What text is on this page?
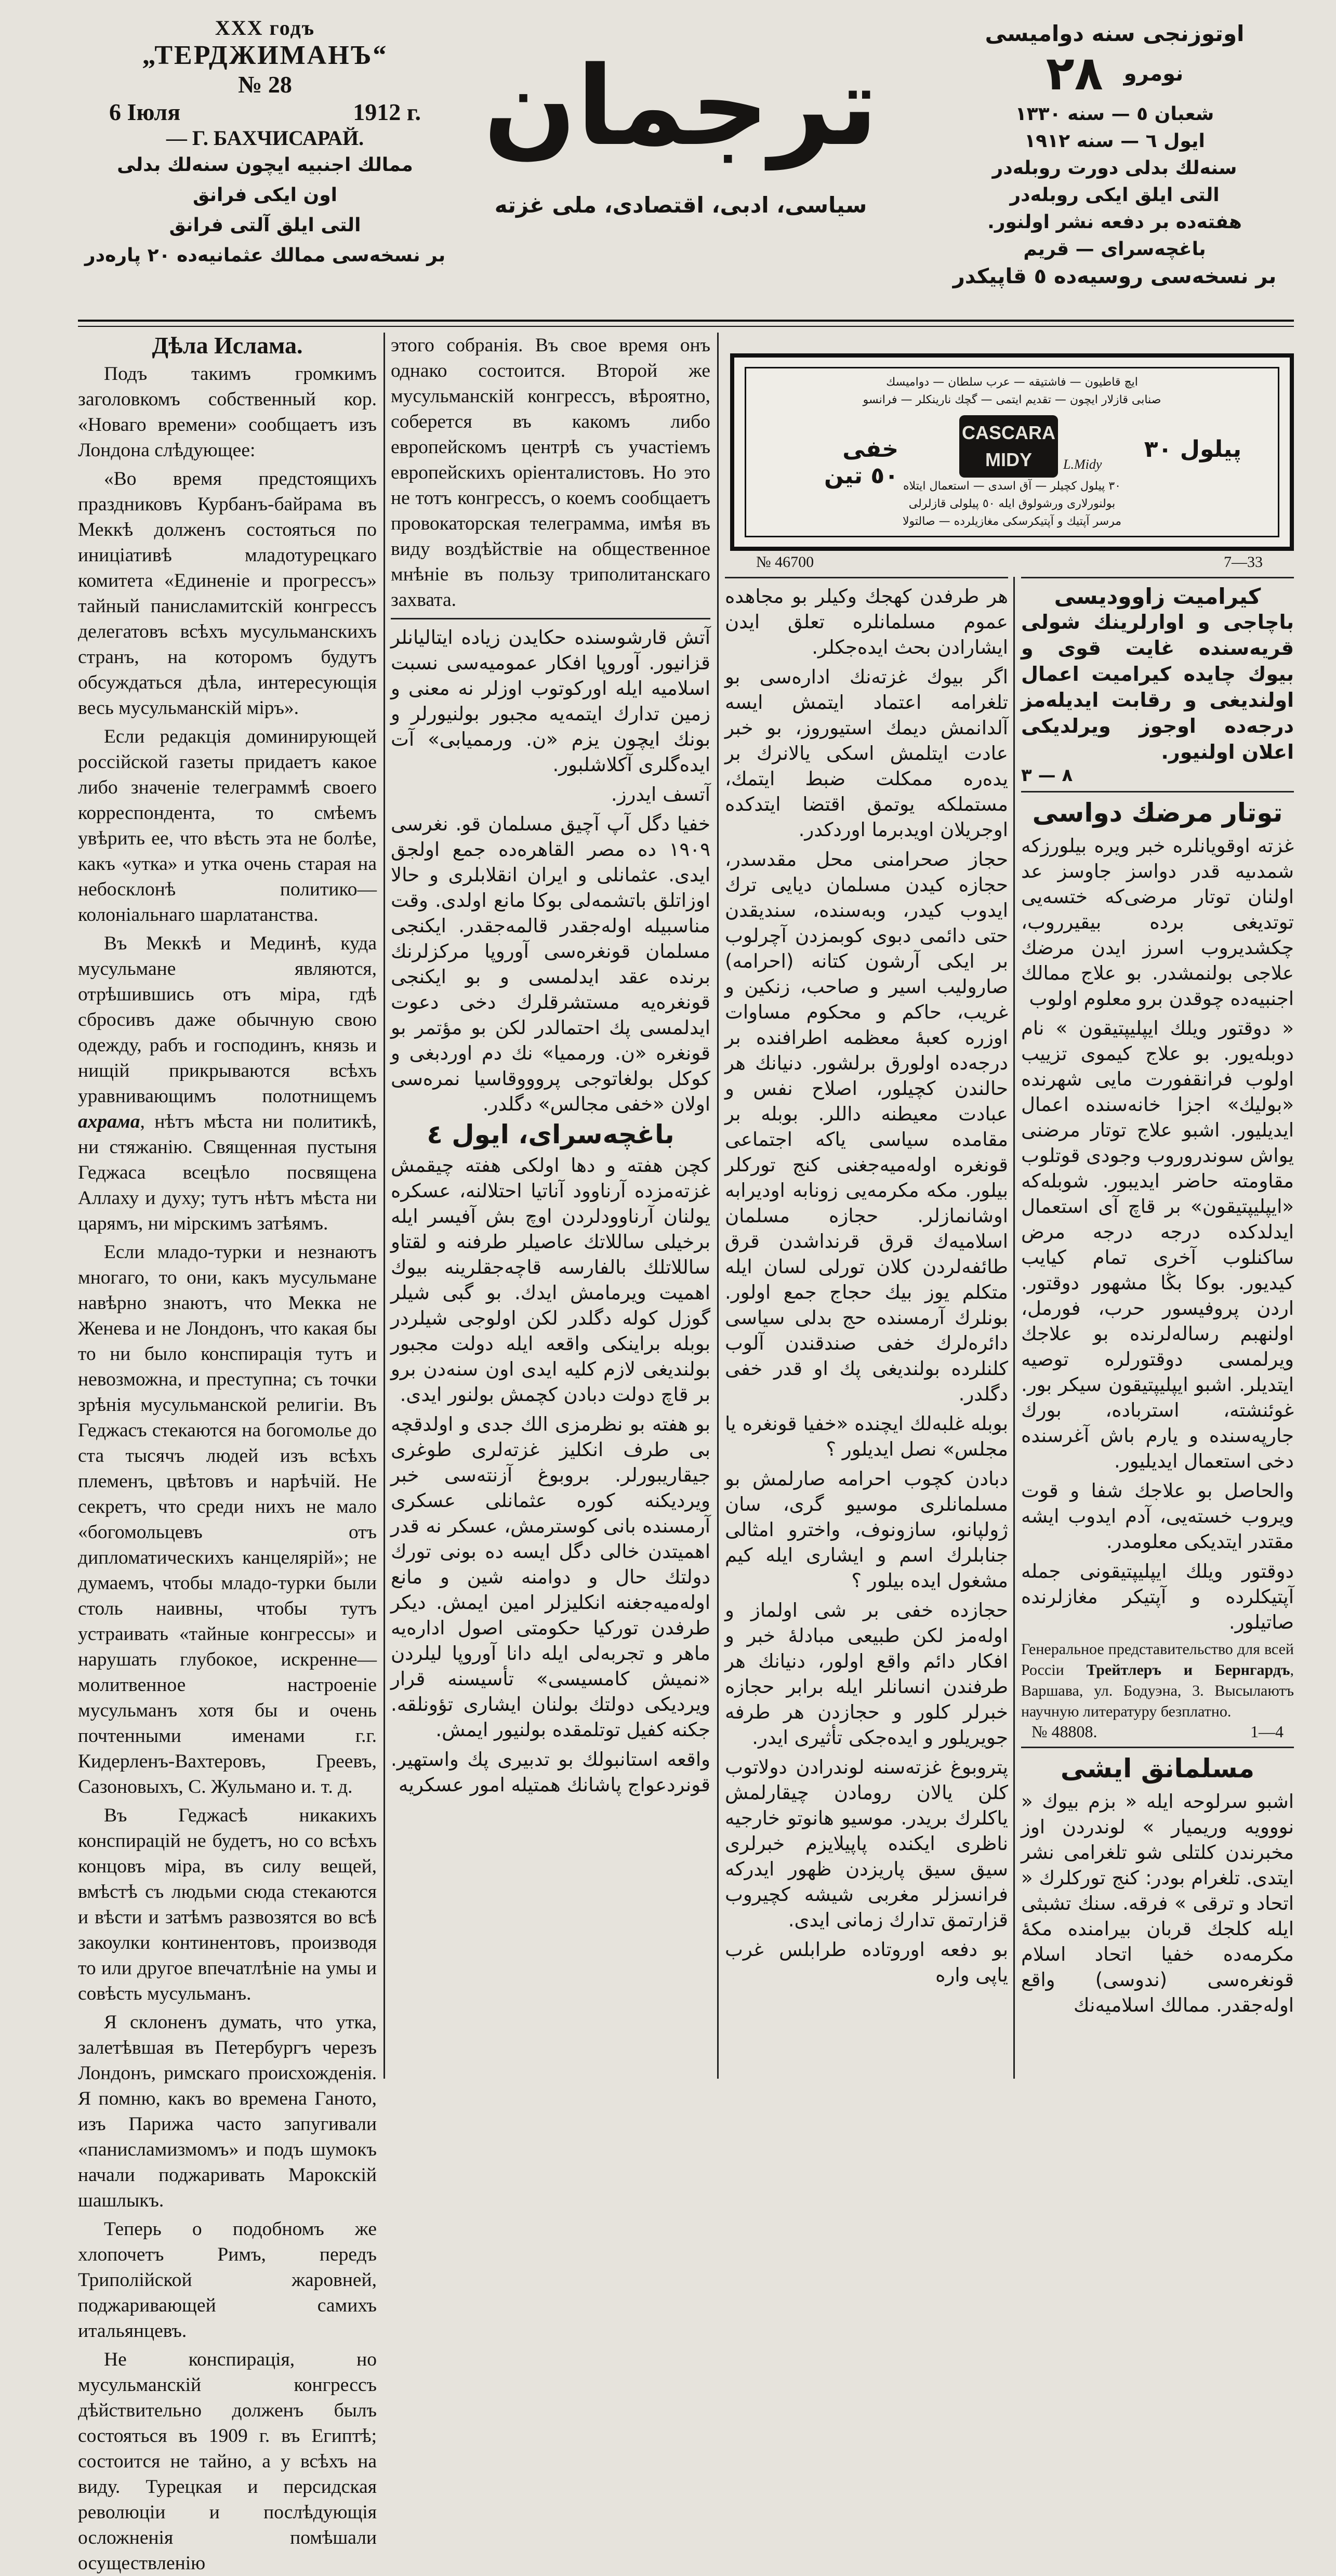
XXX годъ
„ТЕРДЖИМАНЪ“
№ 28
6 Іюля	1912 г.
— Г. БАХЧИСАРАЙ.
ممالك اجنبيه ايچون سنه‌لك بدلى
اون ايكى فرانق
التى ايلق آلتى فرانق
بر نسخه‌سى ممالك عثمانيه‌ده ۲۰ پاره‌در
ترجمان
سياسى، ادبى، اقتصادى، ملى غزته
اوتوزنجى سنه دواميسى
نومرو
۲۸
شعبان ٥ — سنه ۱۳۳۰
ايول ٦ — سنه ۱۹۱۲
سنه‌لك بدلى دورت روبله‌در
التى ايلق ايكى روبله‌در
هفته‌ده بر دفعه نشر اولنور.
باغچه‌سراى — قريم
بر نسخه‌سى روسيه‌ده ٥ قاپيكدر

Дѣла Ислама.

Подъ такимъ громкимъ заголовкомъ собственный кор. «Новаго времени» сообщаетъ изъ Лондона слѣдующее:

«Во время предстоящихъ праздниковъ Курбанъ-байрама въ Меккѣ долженъ состояться по иниціативѣ младотурецкаго комитета «Единеніе и прогрессъ» тайный панисламитскій конгрессъ делегатовъ всѣхъ мусульманскихъ странъ, на которомъ будутъ обсуждаться дѣла, интересующія весь мусульманскій міръ».

Если редакція доминирующей россійской газеты придаетъ какое либо значеніе телеграммѣ своего корреспондента, то смѣемъ увѣрить ее, что вѣсть эта не болѣе, какъ «утка» и утка очень старая на небосклонѣ политико—колоніальнаго шарлатанства.

Въ Меккѣ и Мединѣ, куда мусульмане являются, отрѣшившись отъ міра, гдѣ сбросивъ даже обычную свою одежду, рабъ и господинъ, князь и нищій прикрываются всѣхъ уравнивающимъ полотнищемъ ахрама, нѣтъ мѣста ни политикѣ, ни стяжанію. Священная пустыня Геджаса всецѣло посвящена Аллаху и духу; тутъ нѣтъ мѣста ни царямъ, ни мірскимъ затѣямъ.

Если младо-турки и незнаютъ многаго, то они, какъ мусульмане навѣрно знаютъ, что Мекка не Женева и не Лондонъ, что какая бы то ни было конспирація тутъ и невозможна, и преступна; съ точки зрѣнія мусульманской религіи. Въ Геджасъ стекаются на богомолье до ста тысячъ людей изъ всѣхъ племенъ, цвѣтовъ и нарѣчій. Не секретъ, что среди нихъ не мало «богомольцевъ отъ дипломатическихъ канцелярій»; не думаемъ, чтобы младо-турки были столь наивны, чтобы тутъ устраивать «тайные конгрессы» и нарушать глубокое, искренне—молитвенное настроеніе мусульманъ хотя бы и очень почтенными именами г.г. Кидерленъ-Вахтеровъ, Греевъ, Сазоновыхъ, С. Жульмано и. т. д.

Въ Геджасѣ никакихъ конспирацій не будетъ, но со всѣхъ концовъ міра, въ силу вещей, вмѣстѣ съ людьми сюда стекаются и вѣсти и затѣмъ развозятся во всѣ закоулки континентовъ, производя то или другое впечатлѣніе на умы и совѣсть мусульманъ.

Я склоненъ думать, что утка, залетѣвшая въ Петербургъ черезъ Лондонъ, римскаго происхожденія. Я помню, какъ во времена Ганото, изъ Парижа часто запугивали «панисламизмомъ» и подъ шумокъ начали поджаривать Марокскій шашлыкъ.

Теперь о подобномъ же хлопочетъ Римъ, передъ Триполійской жаровней, поджаривающей самихъ итальянцевъ.

Не конспирація, но мусульманскій конгрессъ дѣйствительно долженъ былъ состояться въ 1909 г. въ Египтѣ; состоится не тайно, а у всѣхъ на виду. Турецкая и персидская революціи и послѣдующія осложненія помѣшали осуществленію

этого собранія. Въ свое время онъ однако состоится. Второй же мусульманскій конгрессъ, вѣроятно, соберется въ какомъ либо европейскомъ центрѣ съ участіемъ европейскихъ оріенталистовъ. Но это не тотъ конгрессъ, о коемъ сообщаетъ провокаторская телеграмма, имѣя въ виду воздѣйствіе на общественное мнѣніе въ пользу триполитанскаго захвата.

آتش قارشوسنده حكايدن زياده ايتاليانلر قزانيور. آوروپا افكار عموميه‌سى نسبت اسلاميه ايله اوركوتوب اوزلر نه معنى و زمين تدارك ايتمه‌يه مجبور بولنيورلر و بونك ايچون يزم «ن. ورمميابى» آت ايده‌گلرى آكلاشلبور.

آتسف ايدرز.

خفيا دگل آپ آچيق مسلمان قو. نغرسى ۱۹۰۹ ده مصر القاهره‌ده جمع اولجق ايدى. عثمانلى و ايران انقلابلرى و حالا اوزاتلق باتشمه‌لى بوكا مانع اولدى. وقت مناسبيله اوله‌جقدر قالمه‌جقدر. ايكنجى مسلمان قونغره‌سى آوروپا مركزلرنك برنده عقد ايدلمسى و بو ايكنجى قونغره‌يه مستشرقلرك دخى دعوت ايدلمسى پك احتمالدر لكن بو مؤتمر بو قونغره «ن. ورمميا» نك دم اوردبغى و كوكل بولغاتوجى پروووقاسيا نمره‌سى اولان «خفى مجالس» دگلدر.

باغچه‌سراى، ايول ٤

كچن هفته و دها اولكى هفته چيقمش غزته‌مزده آرناوود آناتيا احتلالنه، عسكره يولنان آرناوودلردن اوچ بش آفيسر ايله برخيلى ساللاتك عاصيلر طرفنه و لقتاو ساللاتلك بالفارسه قاچه‌جقلرينه بيوك اهميت ويرمامش ايدك. بو گبى شيلر گوزل كوله دگلدر لكن اولوجى شيلردر بوبله براينكى واقعه ايله دولت مجبور بولنديغى لازم كليه ايدى اون سنه‌دن برو بر قاچ دولت دبادن كچمش بولنور ايدى.

بو هفته بو نظرمزى الك جدى و اولدقچه بى طرف انكليز غزته‌لرى طوغرى جيقاريبورلر. بروبوغ آزنته‌سى خبر ويرديكنه كوره عثمانلى عسكرى آرمسنده بانى كوسترمش، عسكر نه قدر اهميتدن خالى دگل ايسه ده بونى تورك دولتك حال و دوامنه شين و مانع اوله‌ميه‌جغنه انكليزلر امين ايمش. ديكر طرفدن توركيا حكومتى اصول اداره‌يه ماهر و تجربه‌لى ايله دانا آوروپا ليلردن «نميش كامسيسى» تأسيسنه قرار ويرديكى دولتك بولنان ايشارى تؤونلقه. جكنه كفيل توتلمقده بولنيور ايمش.

واقعه استانبولك بو تدبيرى پك واستهير. قونردعواج پاشانك همتيله امور عسكريه

ايچ قاطيون — فاشتيقه — عرب سلطان — دوامیسك
صنابى قازلار ايچون — تقديم ايتمى — گچك نارينكلر — فرانسو
خفى
٥٠ تين
CASCARA
MIDY	L.Midy
پيلول ۳۰
۳۰ پيلول كچيلر — آق اسدى — استعمال ايتلاه
بولنورلارى ورشولوق ايله ٥٠ پيلولى قازلرلى
مرسر آپتيك و آپتيكرسكى مغازيلرده — صالتولا
№ 46700	7—33

هر طرفدن كهجك وكيلر بو مجاهده عموم مسلمانلره تعلق ايدن ايشارادن بحث ايده‌جكلر.

اگر بيوك غزته‌نك اداره‌سى بو تلغرامه اعتماد ايتمش ايسه آلدانمش ديمك استيوروز، بو خبر عادت ايتلمش اسكى يالانرك بر يده‌ره ممكلت ضبط ايتمك، مستملكه يوتمق اقتضا ايتدكده اوجريلان اويدبرما اوردكدر.

حجاز صحرامنى محل مقدسدر، حجازه كيدن مسلمان ديايى ترك ايدوب كيدر، وبه‌سنده، سنديقدن حتى دائمى دبوى كوبمزدن آچرلوب بر ايكى آرشون كتانه (احرامه) صاروليب اسير و صاحب، زنكين و غريب، حاكم و محكوم مساوات اوزره كعبهٔ معظمه اطرافنده بر درجه‌ده اولورق برلشور. دنيانك هر حالندن كچيلور، اصلاح نفس و عبادت معيطنه داللر. بوبله بر مقامده سياسى ياكه اجتماعى قونغره اوله‌ميه‌جغنى كنج توركلر بيلور. مكه مكرمه‌يى زونابه اوديرابه اوشانمازلر. حجازه مسلمان اسلاميه‌ك قرق قرنداشدن قرق طائفه‌لردن كلان تورلى لسان ايله متكلم يوز بيك حجاج جمع اولور. بونلرك آرمسنده حج بدلى سياسى دائره‌لرك خفى صندقندن آلوب كلنلرده بولنديغى پك او قدر خفى دگلدر.

بوبله غلبه‌لك ايچنده «خفيا قونغره يا مجلس» نصل ايديلور ؟

دبادن كچوب احرامه صارلمش بو مسلمانلرى موسيو گرى، سان ژولپانو، سازونوف، واخترو امثالى جنابلرك اسم و ايشارى ايله كيم مشغول ايده بيلور ؟

حجازده خفى بر شى اولماز و اوله‌مز لكن طبيعى مبادلهٔ خبر و افكار دائم واقع اولور، دنيانك هر طرفندن انسانلر ايله برابر حجازه خبرلر كلور و حجازدن هر طرفه جويريلور و ايده‌جكى تأثيرى ايدر.

پتروبوغ غزته‌سنه لوندرادن دولاتوب كلن يالان رومادن چيقارلمش ياكلرك بريدر. موسيو هانوتو خارجيه ناظرى ايكنده پاپيلايزم خبرلرى سيق سيق پاريزدن ظهور ايدركه فرانسزلر مغربى شيشه كچيروب قزارتمق تدارك زمانى ايدى.

بو دفعه اوروتاده طرابلس غرب ياپى واره

كيراميت زاووديسى
باچاجى و اوارلرينك شولى قريه‌سنده غايت قوى و بيوك چايده كيراميت اعمال اولنديغى و رقابت ايديله‌مز درجه‌ده اوجوز ويرلديكى اعلان اولنيور.
۸ — ۳
توتار مرضك دواسى

غزته اوقويانلره خبر ويره بيلورزكه شمدىيه قدر دواسز جاوسز عد اولنان توتار مرضى‌كه ختسه‌يى توتديغى برده بيقيرروب، چكشديروب اسرز ايدن مرضك علاجى بولنمشدر. بو علاج ممالك اجنبيه‌ده چوقدن برو معلوم اولوب

« دوقتور ويلك ايپليپتيقون » نام دوبله‌يور. بو علاج كيموى تزييب اولوب فرانقفورت مايى شهرنده «بوليك» اجزا خانه‌سنده اعمال ايديليور. اشبو علاج توتار مرضنى يواش سوندروروب وجودى قوتلوب مقاومته حاضر ايديبور. شوبله‌كه «ايپليپتيقون» بر قاچ آى استعمال ايدلدكده درجه درجه مرض ساكنلوب آخرى تمام كيايب كيديور. بوكا بڭا مشهور دوقتور. اردن پروفيسور حرب، فورمل، اولنهبم رساله‌لرنده بو علاجك ويرلمسى دوقتورلره توصيه ايتديلر. اشبو ايپليپتيقون سيكر بور. غوئنشته، استرباده، بورك جارپه‌سنده و يارم باش آغرسنده دخى استعمال ايديليور.

والحاصل بو علاجك شفا و قوت ويروب خسته‌يى، آدم ايدوب ايشه مقتدر ايتديكى معلومدر.

دوقتور ويلك ايپليپتيقونى جمله آپتيكلرده و آپتيكر مغازلرنده صاتيلور.

Генеральное представительство для всей Россіи Трейтлеръ и Бернгардъ, Варшава, ул. Бодуэна, 3. Высылаютъ научную литературу безплатно.
№ 48808.	1—4
مسلمانق ايشى

اشبو سرلوحه ايله « بزم بيوك « نووويه وريميار » لوندردن اوز مخبرندن كلتلى شو تلغرامى نشر ايتدى. تلغرام بودر: كنج توركلرك « اتحاد و ترقى » فرقه. سنك تشبثى ايله كلجك قربان بيرامنده مكهٔ مكرمه‌ده خفيا اتحاد اسلام قونغره‌سى (ندوسى) واقع اوله‌جقدر. ممالك اسلاميه‌نك
